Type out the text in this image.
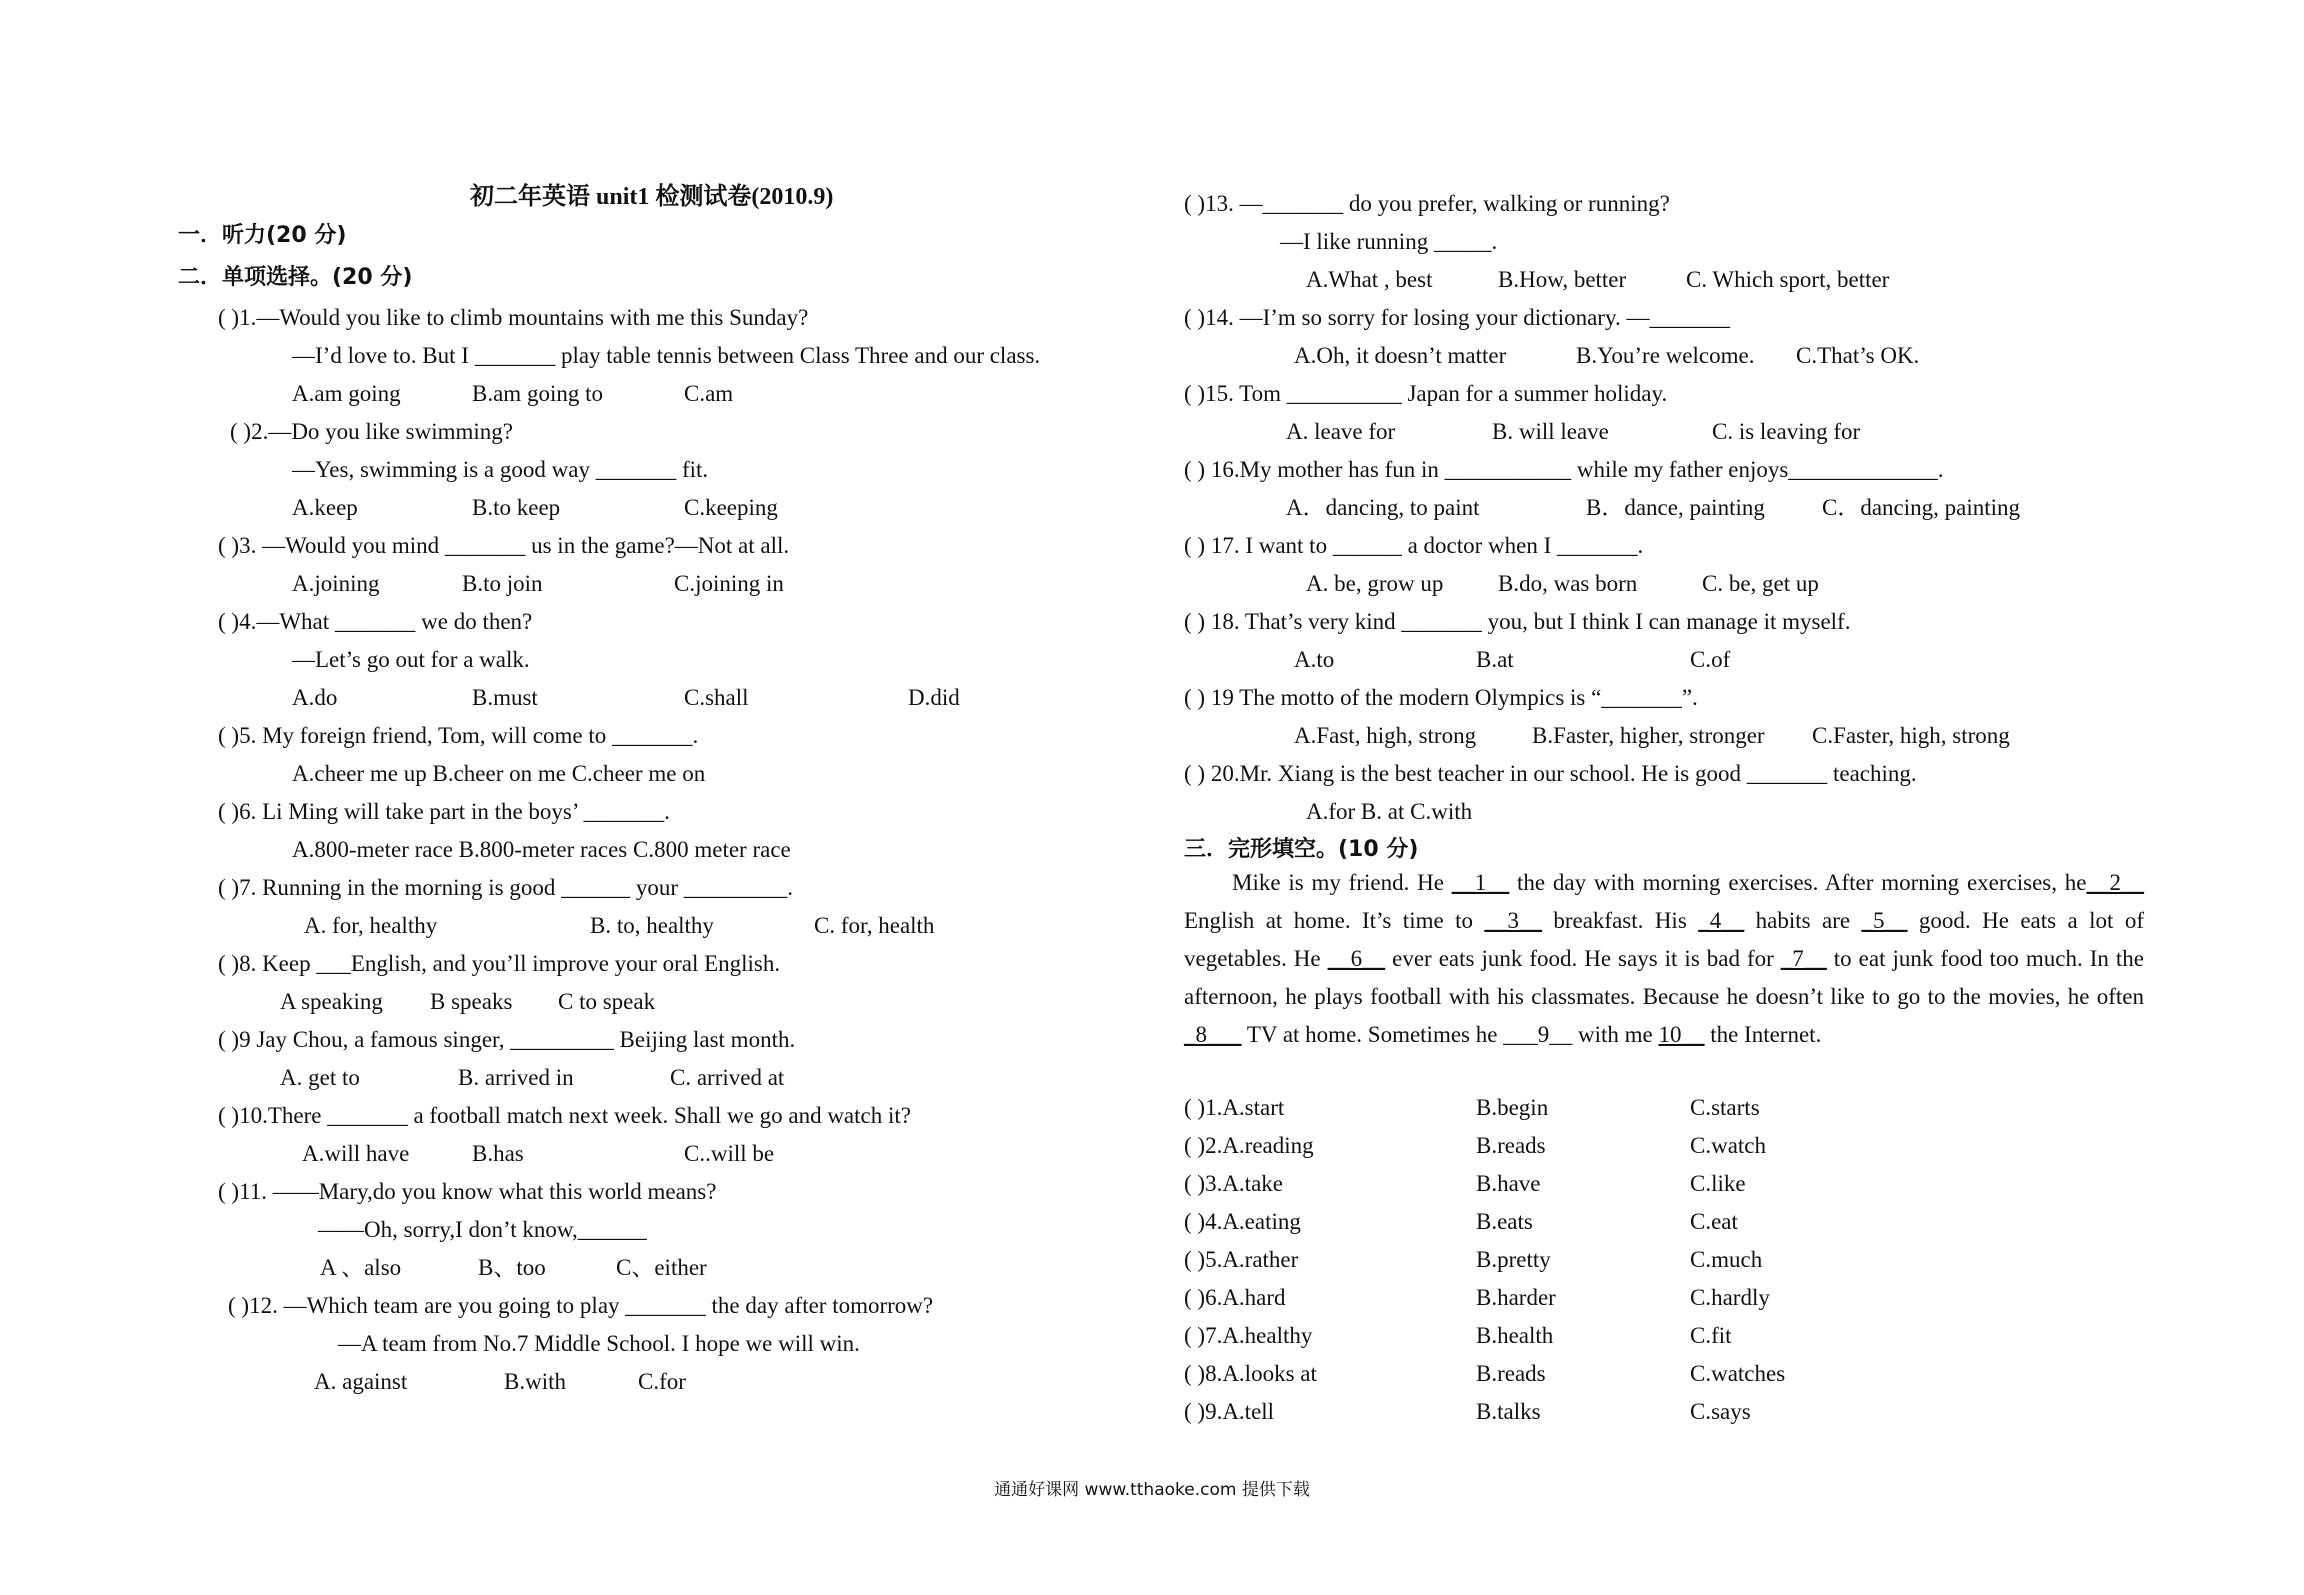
初二年英语 unit1 检测试卷(2010.9)
一．听力(20 分)
二．单项选择。(20 分)
( )1.—Would you like to climb mountains with me this Sunday?
—I’d love to. But I _______ play table tennis between Class Three and our class.
A.am going	B.am going to	C.am
( )2.—Do you like swimming?
—Yes, swimming is a good way _______ fit.
A.keep	B.to keep	C.keeping
( )3. —Would you mind _______ us in the game?—Not at all.
A.joining	B.to join	C.joining in
( )4.—What _______ we do then?
—Let’s go out for a walk.
A.do	B.must	C.shall	D.did
( )5. My foreign friend, Tom, will come to _______.
A.cheer me up B.cheer on me C.cheer me on
( )6. Li Ming will take part in the boys’ _______.
A.800-meter race B.800-meter races C.800 meter race
( )7. Running in the morning is good ______ your _________.
A. for, healthy	B. to, healthy	C. for, health
( )8. Keep ___English, and you’ll improve your oral English.
A speaking B speaks C to speak
( )9 Jay Chou, a famous singer, _________ Beijing last month.
A. get to	B. arrived in	C. arrived at
( )10.There _______ a football match next week. Shall we go and watch it?
A.will have	B.has	C..will be
( )11. ——Mary,do you know what this world means?
——Oh, sorry,I don’t know,______
A 、also	B、too	C、either
( )12. —Which team are you going to play _______ the day after tomorrow?
—A team from No.7 Middle School. I hope we will win.
A. against	B.with	C.for
( )13. —_______ do you prefer, walking or running?
—I like running _____.
A.What , best	B.How, better	C. Which sport, better
( )14. —I’m so sorry for losing your dictionary. —_______
A.Oh, it doesn’t matter	B.You’re welcome. C.That’s OK.
( )15. Tom __________ Japan for a summer holiday.
A. leave for	B. will leave	C. is leaving for
( ) 16.My mother has fun in ___________ while my father enjoys_____________.
A．dancing, to paint	B．dance, painting C．dancing, painting
( ) 17. I want to ______ a doctor when I _______.
A. be, grow up B.do, was born	C. be, get up
( ) 18. That’s very kind _______ you, but I think I can manage it myself.
A.to	B.at	C.of
( ) 19 The motto of the modern Olympics is “_______”.
A.Fast, high, strong B.Faster, higher, stronger C.Faster, high, strong
( ) 20.Mr. Xiang is the best teacher in our school. He is good _______ teaching.
A.for B. at C.with
三．完形填空。(10 分)
Mike is my friend. He __1__ the day with morning exercises. After morning exercises, he__2__ English at home. It’s time to __3__ breakfast. His _4__ habits are _5__ good. He eats a lot of vegetables. He __6__ ever eats junk food. He says it is bad for _7__ to eat junk food too much. In the afternoon, he plays football with his classmates. Because he doesn’t like to go to the movies, he often _8___ TV at home. Sometimes he ___9__ with me 10__ the Internet.
( )1.A.start	B.begin	C.starts
( )2.A.reading	B.reads	C.watch
( )3.A.take	B.have	C.like
( )4.A.eating	B.eats	C.eat
( )5.A.rather	B.pretty	C.much
( )6.A.hard	B.harder	C.hardly
( )7.A.healthy	B.health	C.fit
( )8.A.looks at	B.reads	C.watches
( )9.A.tell	B.talks	C.says
通通好课网 www.tthaoke.com 提供下载
